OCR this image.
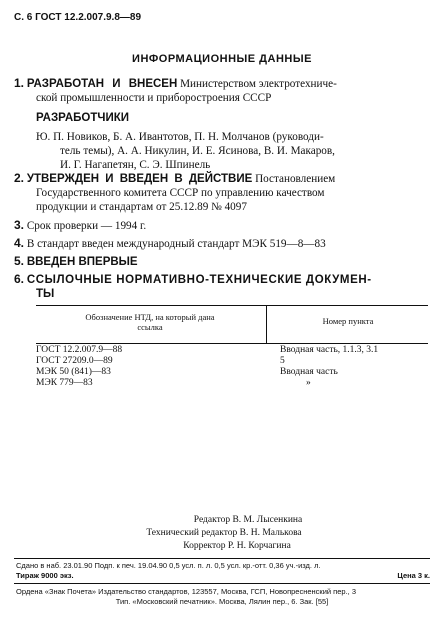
С. 6 ГОСТ 12.2.007.9.8—89
ИНФОРМАЦИОННЫЕ ДАННЫЕ
1. РАЗРАБОТАН И ВНЕСЕН Министерством электротехниче-
ской промышленности и приборостроения СССР
РАЗРАБОТЧИКИ
Ю. П. Новиков, Б. А. Ивантотов, П. Н. Молчанов (руководи-
тель темы), А. А. Никулин, И. Е. Ясинова, В. И. Макаров,
И. Г. Нагапетян, С. Э. Шпинель
2. УТВЕРЖДЕН И ВВЕДЕН В ДЕЙСТВИЕ Постановлением
Государственного комитета СССР по управлению качеством
продукции и стандартам от 25.12.89 № 4097
3. Срок проверки — 1994 г.
4. В стандарт введен международный стандарт МЭК 519—8—83
5. ВВЕДЕН ВПЕРВЫЕ
6. ССЫЛОЧНЫЕ НОРМАТИВНО-ТЕХНИЧЕСКИЕ ДОКУМЕН-
ТЫ
Обозначение НТД, на который дана
ссылка
Номер пункта
ГОСТ 12.2.007.9—88	Вводная часть, 1.1.3, 3.1
ГОСТ 27209.0—89	5
МЭК 50 (841)—83	Вводная часть
МЭК 779—83	»
Редактор В. М. Лысенкина
Технический редактор В. Н. Малькова
Корректор Р. Н. Корчагина
Сдано в наб. 23.01.90 Подп. к печ. 19.04.90 0,5 усл. п. л. 0,5 усл. кр.-отт. 0,36 уч.-изд. л.
Тираж 9000 экз.	Цена 3 к.
Ордена «Знак Почета» Издательство стандартов, 123557, Москва, ГСП, Новопресненский пер., 3
Тип. «Московский печатник». Москва, Лялин пер., 6. Зак. [55]
